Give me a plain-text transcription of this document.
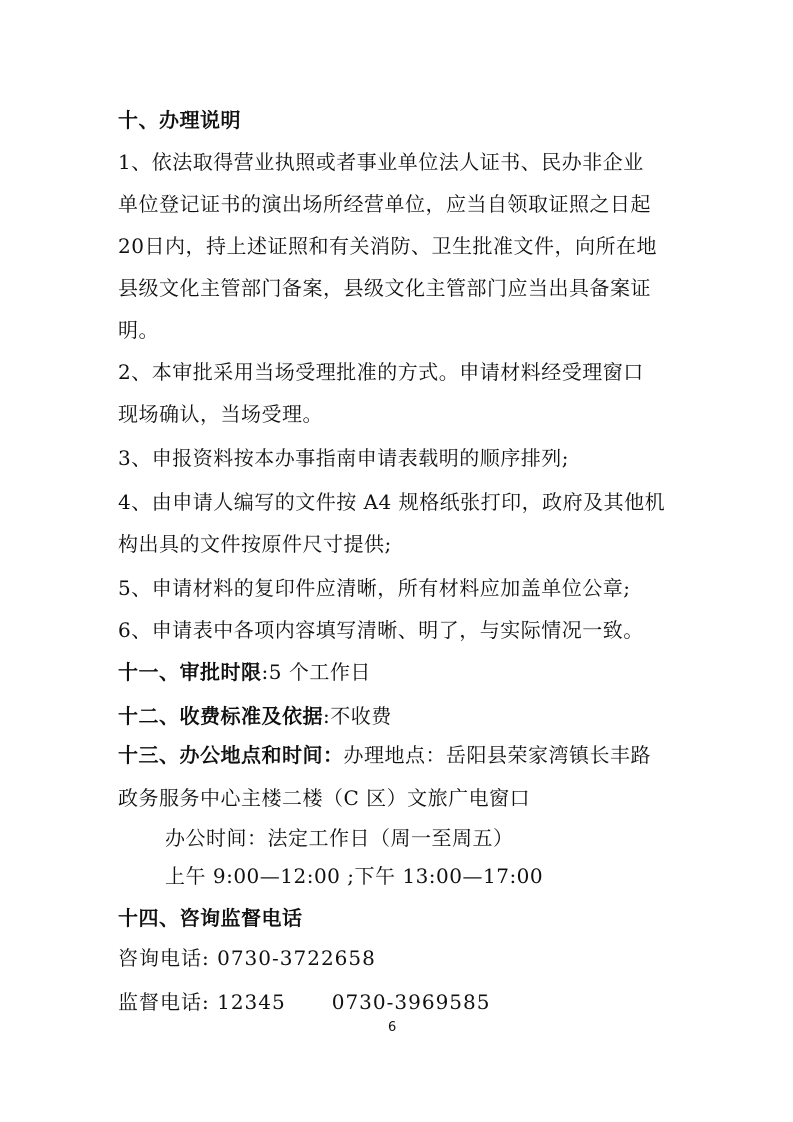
十、办理说明
1、依法取得营业执照或者事业单位法人证书、民办非企业
单位登记证书的演出场所经营单位，应当自领取证照之日起
20日内，持上述证照和有关消防、卫生批准文件，向所在地
县级文化主管部门备案，县级文化主管部门应当出具备案证
明。
2、本审批采用当场受理批准的方式。申请材料经受理窗口
现场确认，当场受理。
3、申报资料按本办事指南申请表载明的顺序排列;
4、由申请人编写的文件按 A4 规格纸张打印，政府及其他机
构出具的文件按原件尺寸提供;
5、申请材料的复印件应清晰，所有材料应加盖单位公章;
6、申请表中各项内容填写清晰、明了，与实际情况一致。
十一、审批时限:5 个工作日
十二、收费标准及依据:不收费
十三、办公地点和时间：办理地点：岳阳县荣家湾镇长丰路
政务服务中心主楼二楼（C 区）文旅广电窗口
办公时间：法定工作日（周一至周五）
上午 9:00—12:00 ;下午 13:00—17:00
十四、咨询监督电话
咨询电话: 0730-3722658
监督电话: 12345 0730-3969585
6
